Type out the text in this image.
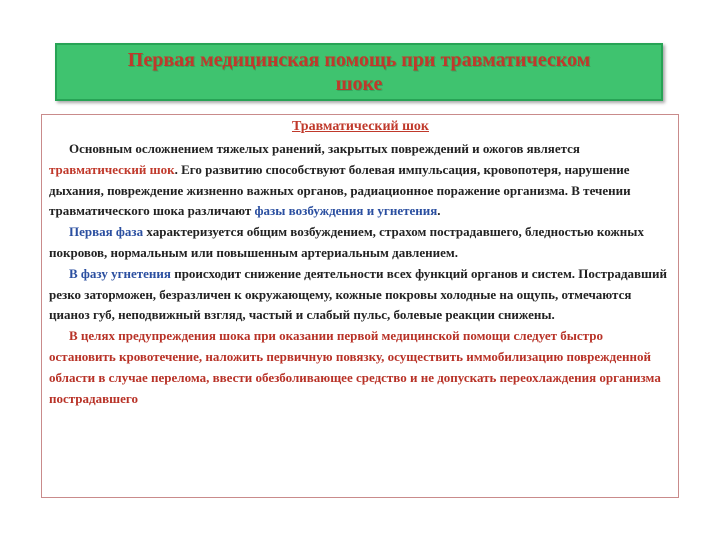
Первая медицинская помощь при травматическом
шоке
Травматический шок

Основным осложнением тяжелых ранений, закрытых повреждений и ожогов является травматический шок. Его развитию способствуют болевая импульсация, кровопотеря, нарушение дыхания, повреждение жизненно важных органов, радиационное поражение организма. В течении травматического шока различают фазы возбуждения и угнетения.

Первая фаза характеризуется общим возбуждением, страхом пострадавшего, бледностью кожных покровов, нормальным или повышенным артериальным давлением.

В фазу угнетения происходит снижение деятельности всех функций органов и систем. Пострадавший резко заторможен, безразличен к окружающему, кожные покровы холодные на ощупь, отмечаются цианоз губ, неподвижный взгляд, частый и слабый пульс, болевые реакции снижены.

В целях предупреждения шока при оказании первой медицинской помощи следует быстро остановить кровотечение, наложить первичную повязку, осуществить иммобилизацию поврежденной области в случае перелома, ввести обезболивающее средство и не допускать переохлаждения организма пострадавшего
